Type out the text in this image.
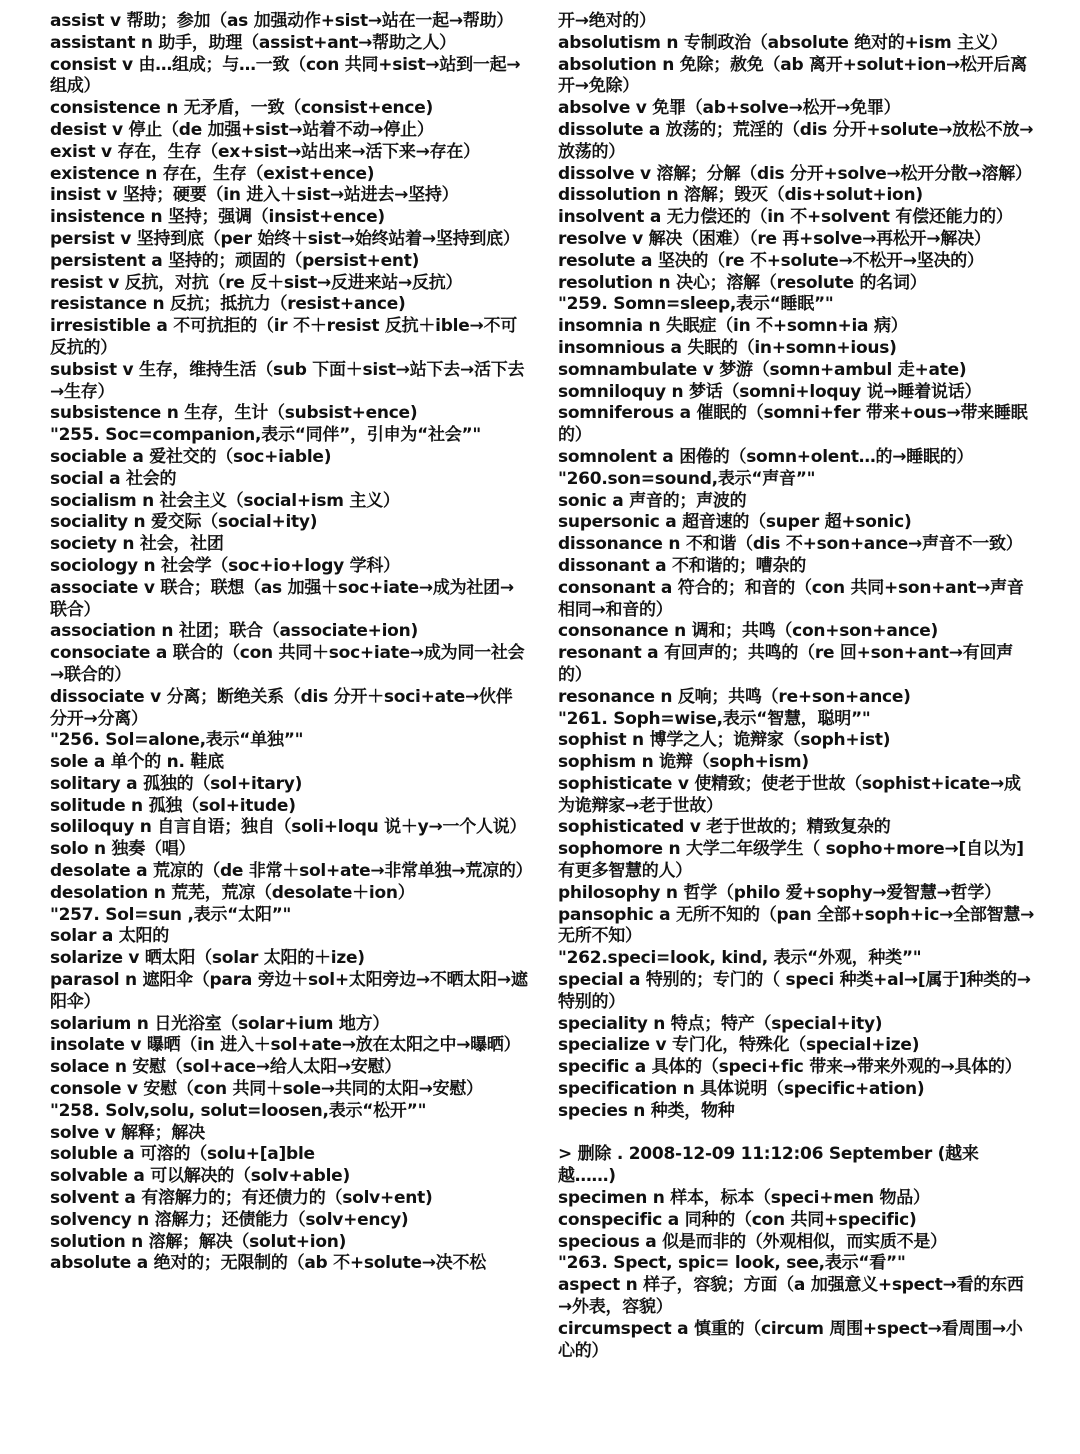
assist v 帮助；参加（as 加强动作+sist→站在一起→帮助）
assistant n 助手，助理（assist+ant→帮助之人）
consist v 由…组成；与…一致（con 共同+sist→站到一起→组成）
consistence n 无矛盾，一致（consist+ence)
desist v 停止（de 加强+sist→站着不动→停止）
exist v 存在，生存（ex+sist→站出来→活下来→存在）
existence n 存在，生存（exist+ence)
insist v 坚持；硬要（in 进入＋sist→站进去→坚持）
insistence n 坚持；强调（insist+ence)
persist v 坚持到底（per 始终＋sist→始终站着→坚持到底）
persistent a 坚持的；顽固的（persist+ent)
resist v 反抗，对抗（re 反＋sist→反进来站→反抗）
resistance n 反抗；抵抗力（resist+ance)
irresistible a 不可抗拒的（ir 不＋resist 反抗＋ible→不可反抗的）
subsist v 生存，维持生活（sub 下面＋sist→站下去→活下去→生存）
subsistence n 生存，生计（subsist+ence)
"255. Soc=companion,表示“同伴”，引申为“社会”"
sociable a 爱社交的（soc+iable)
social a 社会的
socialism n 社会主义（social+ism 主义）
sociality n 爱交际（social+ity)
society n 社会，社团
sociology n 社会学（soc+io+logy 学科）
associate v 联合；联想（as 加强＋soc+iate→成为社团→联合）
association n 社团；联合（associate+ion)
consociate a 联合的（con 共同＋soc+iate→成为同一社会→联合的）
dissociate v 分离；断绝关系（dis 分开＋soci+ate→伙伴分开→分离）
"256. Sol=alone,表示“单独”"
sole a 单个的 n. 鞋底
solitary a 孤独的（sol+itary)
solitude n 孤独（sol+itude)
soliloquy n 自言自语；独自（soli+loqu 说＋y→一个人说）
solo n 独奏（唱）
desolate a 荒凉的（de 非常＋sol+ate→非常单独→荒凉的）
desolation n 荒芜，荒凉（desolate＋ion）
"257. Sol=sun ,表示“太阳”"
solar a 太阳的
solarize v 晒太阳（solar 太阳的＋ize)
parasol n 遮阳伞（para 旁边＋sol+太阳旁边→不晒太阳→遮阳伞）
solarium n 日光浴室（solar+ium 地方）
insolate v 曝晒（in 进入＋sol+ate→放在太阳之中→曝晒）
solace n 安慰（sol+ace→给人太阳→安慰）
console v 安慰（con 共同＋sole→共同的太阳→安慰）
"258. Solv,solu, solut=loosen,表示“松开”"
solve v 解释；解决
soluble a 可溶的（solu+[a]ble
solvable a 可以解决的（solv+able)
solvent a 有溶解力的；有还债力的（solv+ent)
solvency n 溶解力；还债能力（solv+ency)
solution n 溶解；解决（solut+ion)
absolute a 绝对的；无限制的（ab 不+solute→决不松
开→绝对的）
absolutism n 专制政治（absolute 绝对的+ism 主义）
absolution n 免除；赦免（ab 离开+solut+ion→松开后离开→免除）
absolve v 免罪（ab+solve→松开→免罪）
dissolute a 放荡的；荒淫的（dis 分开+solute→放松不放→放荡的）
dissolve v 溶解；分解（dis 分开+solve→松开分散→溶解）
dissolution n 溶解；毁灭（dis+solut+ion)
insolvent a 无力偿还的（in 不+solvent 有偿还能力的）
resolve v 解决（困难）（re 再+solve→再松开→解决）
resolute a 坚决的（re 不+solute→不松开→坚决的）
resolution n 决心；溶解（resolute 的名词）
"259. Somn=sleep,表示“睡眠”"
insomnia n 失眠症（in 不+somn+ia 病）
insomnious a 失眠的（in+somn+ious)
somnambulate v 梦游（somn+ambul 走+ate)
somniloquy n 梦话（somni+loquy 说→睡着说话）
somniferous a 催眠的（somni+fer 带来+ous→带来睡眠的）
somnolent a 困倦的（somn+olent…的→睡眠的）
"260.son=sound,表示“声音”"
sonic a 声音的；声波的
supersonic a 超音速的（super 超+sonic)
dissonance n 不和谐（dis 不+son+ance→声音不一致）
dissonant a 不和谐的；嘈杂的
consonant a 符合的；和音的（con 共同+son+ant→声音相同→和音的）
consonance n 调和；共鸣（con+son+ance)
resonant a 有回声的；共鸣的（re 回+son+ant→有回声的）
resonance n 反响；共鸣（re+son+ance)
"261. Soph=wise,表示“智慧，聪明”"
sophist n 博学之人；诡辩家（soph+ist)
sophism n 诡辩（soph+ism)
sophisticate v 使精致；使老于世故（sophist+icate→成为诡辩家→老于世故）
sophisticated v 老于世故的；精致复杂的
sophomore n 大学二年级学生（ sopho+more→[自以为]有更多智慧的人）
philosophy n 哲学（philo 爱+sophy→爱智慧→哲学）
pansophic a 无所不知的（pan 全部+soph+ic→全部智慧→无所不知）
"262.speci=look, kind, 表示“外观，种类”"
special a 特别的；专门的（ speci 种类+al→[属于]种类的→特别的）
speciality n 特点；特产（special+ity)
specialize v 专门化，特殊化（special+ize)
specific a 具体的（speci+fic 带来→带来外观的→具体的）
specification n 具体说明（specific+ation)
species n 种类，物种
> 删除 . 2008-12-09 11:12:06 September (越来越……)
specimen n 样本，标本（speci+men 物品）
conspecific a 同种的（con 共同+specific)
specious a 似是而非的（外观相似，而实质不是）
"263. Spect, spic= look, see,表示“看”"
aspect n 样子，容貌；方面（a 加强意义+spect→看的东西→外表，容貌）
circumspect a 慎重的（circum 周围+spect→看周围→小心的）
